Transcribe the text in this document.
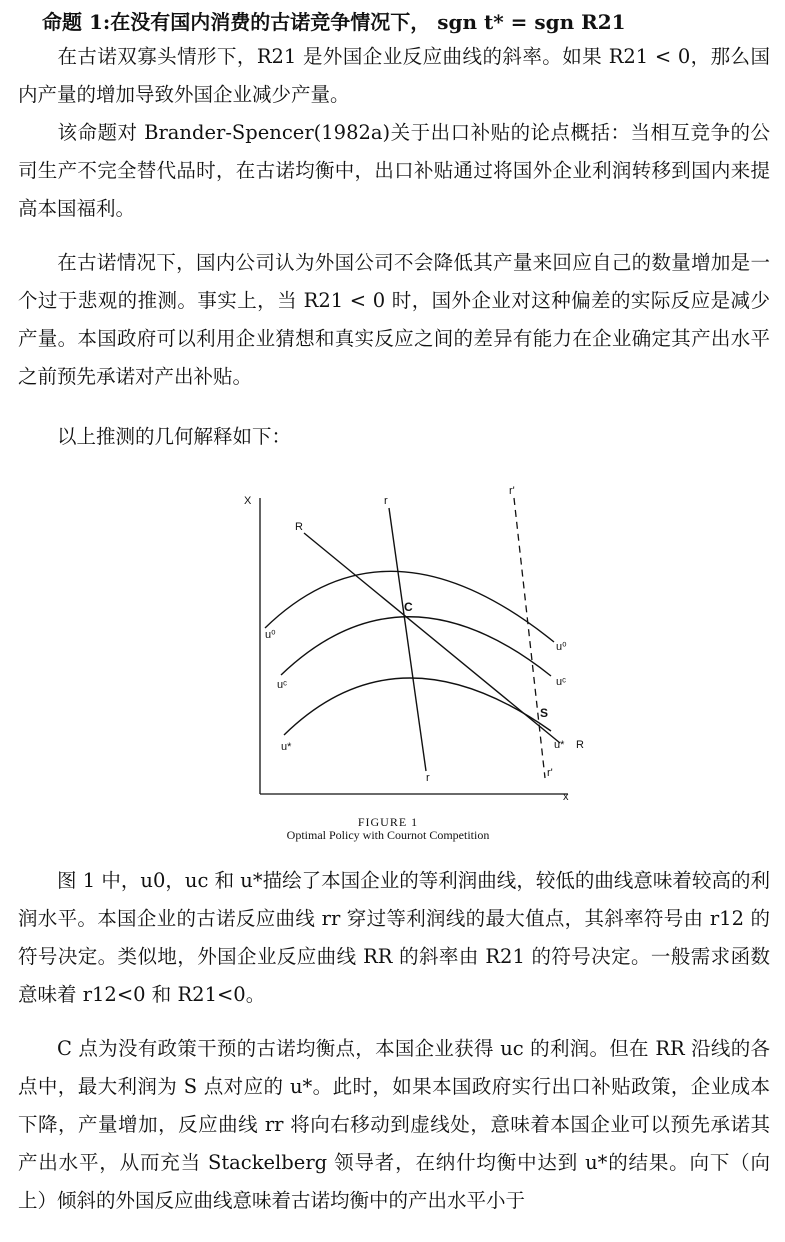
命题 1:在没有国内消费的古诺竞争情况下， sgn t* = sgn R21

在古诺双寡头情形下，R21 是外国企业反应曲线的斜率。如果 R21 < 0，那么国内产量的增加导致外国企业减少产量。

该命题对 Brander-Spencer(1982a)关于出口补贴的论点概括：当相互竞争的公司生产不完全替代品时，在古诺均衡中，出口补贴通过将国外企业利润转移到国内来提高本国福利。

在古诺情况下，国内公司认为外国公司不会降低其产量来回应自己的数量增加是一个过于悲观的推测。事实上，当 R21 < 0 时，国外企业对这种偏差的实际反应是减少产量。本国政府可以利用企业猜想和真实反应之间的差异有能力在企业确定其产出水平之前预先承诺对产出补贴。

以上推测的几何解释如下：

X
x
r
r
r'
r'
R
R
C
S
u⁰
u⁰
uᶜ	uᶜ
u*	u*
FIGURE 1
Optimal Policy with Cournot Competition

图 1 中，u0，uc 和 u*描绘了本国企业的等利润曲线，较低的曲线意味着较高的利润水平。本国企业的古诺反应曲线 rr 穿过等利润线的最大值点，其斜率符号由 r12 的符号决定。类似地，外国企业反应曲线 RR 的斜率由 R21 的符号决定。一般需求函数意味着 r12<0 和 R21<0。

C 点为没有政策干预的古诺均衡点，本国企业获得 uc 的利润。但在 RR 沿线的各点中，最大利润为 S 点对应的 u*。此时，如果本国政府实行出口补贴政策，企业成本下降，产量增加，反应曲线 rr 将向右移动到虚线处，意味着本国企业可以预先承诺其产出水平，从而充当 Stackelberg 领导者，在纳什均衡中达到 u*的结果。向下（向上）倾斜的外国反应曲线意味着古诺均衡中的产出水平小于
